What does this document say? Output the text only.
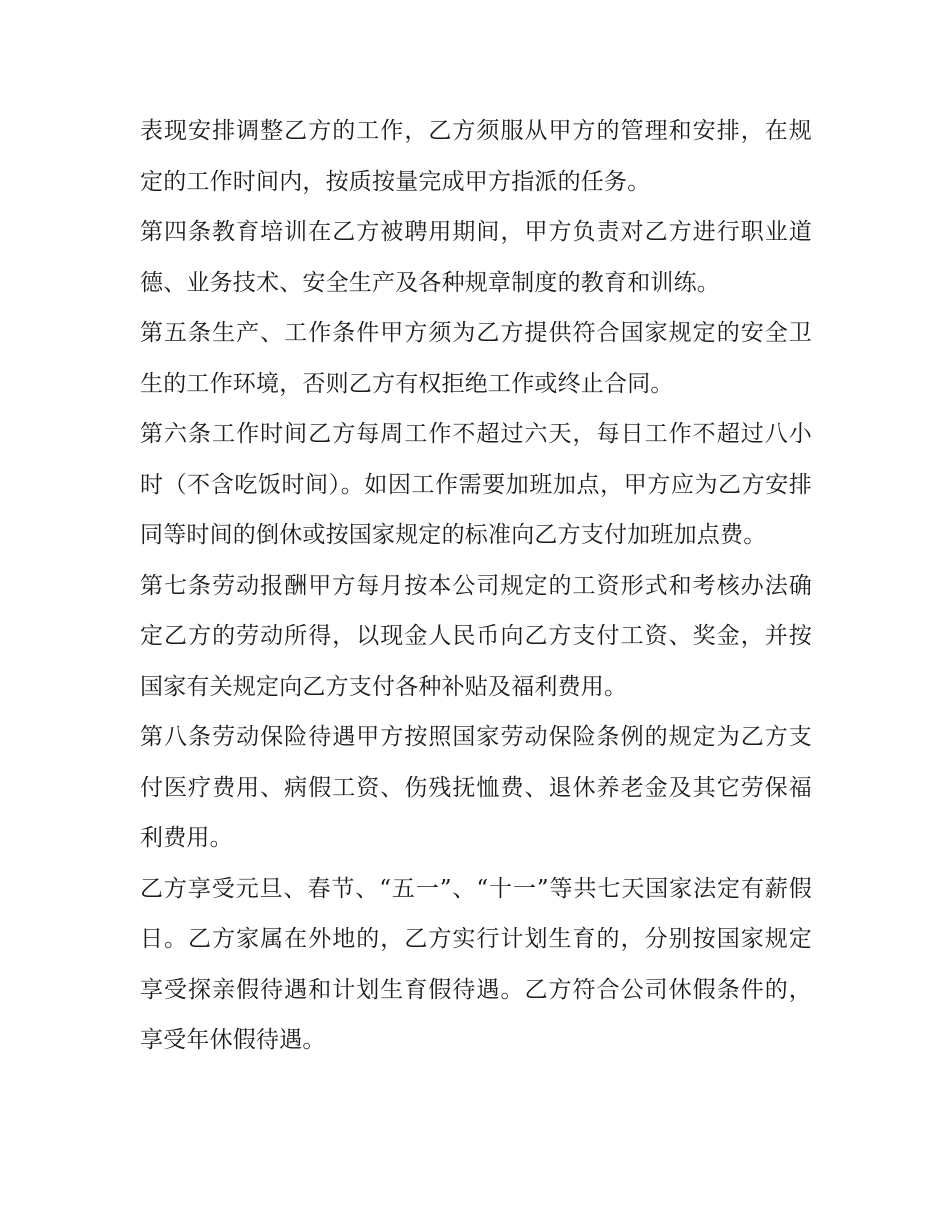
表现安排调整乙方的工作，乙方须服从甲方的管理和安排，在规定的工作时间内，按质按量完成甲方指派的任务。

第四条教育培训在乙方被聘用期间，甲方负责对乙方进行职业道德、业务技术、安全生产及各种规章制度的教育和训练。

第五条生产、工作条件甲方须为乙方提供符合国家规定的安全卫生的工作环境，否则乙方有权拒绝工作或终止合同。

第六条工作时间乙方每周工作不超过六天，每日工作不超过八小时（不含吃饭时间）。如因工作需要加班加点，甲方应为乙方安排同等时间的倒休或按国家规定的标准向乙方支付加班加点费。

第七条劳动报酬甲方每月按本公司规定的工资形式和考核办法确定乙方的劳动所得，以现金人民币向乙方支付工资、奖金，并按国家有关规定向乙方支付各种补贴及福利费用。

第八条劳动保险待遇甲方按照国家劳动保险条例的规定为乙方支付医疗费用、病假工资、伤残抚恤费、退休养老金及其它劳保福利费用。

乙方享受元旦、春节、“五一”、“十一”等共七天国家法定有薪假日。乙方家属在外地的，乙方实行计划生育的，分别按国家规定享受探亲假待遇和计划生育假待遇。乙方符合公司休假条件的，享受年休假待遇。
